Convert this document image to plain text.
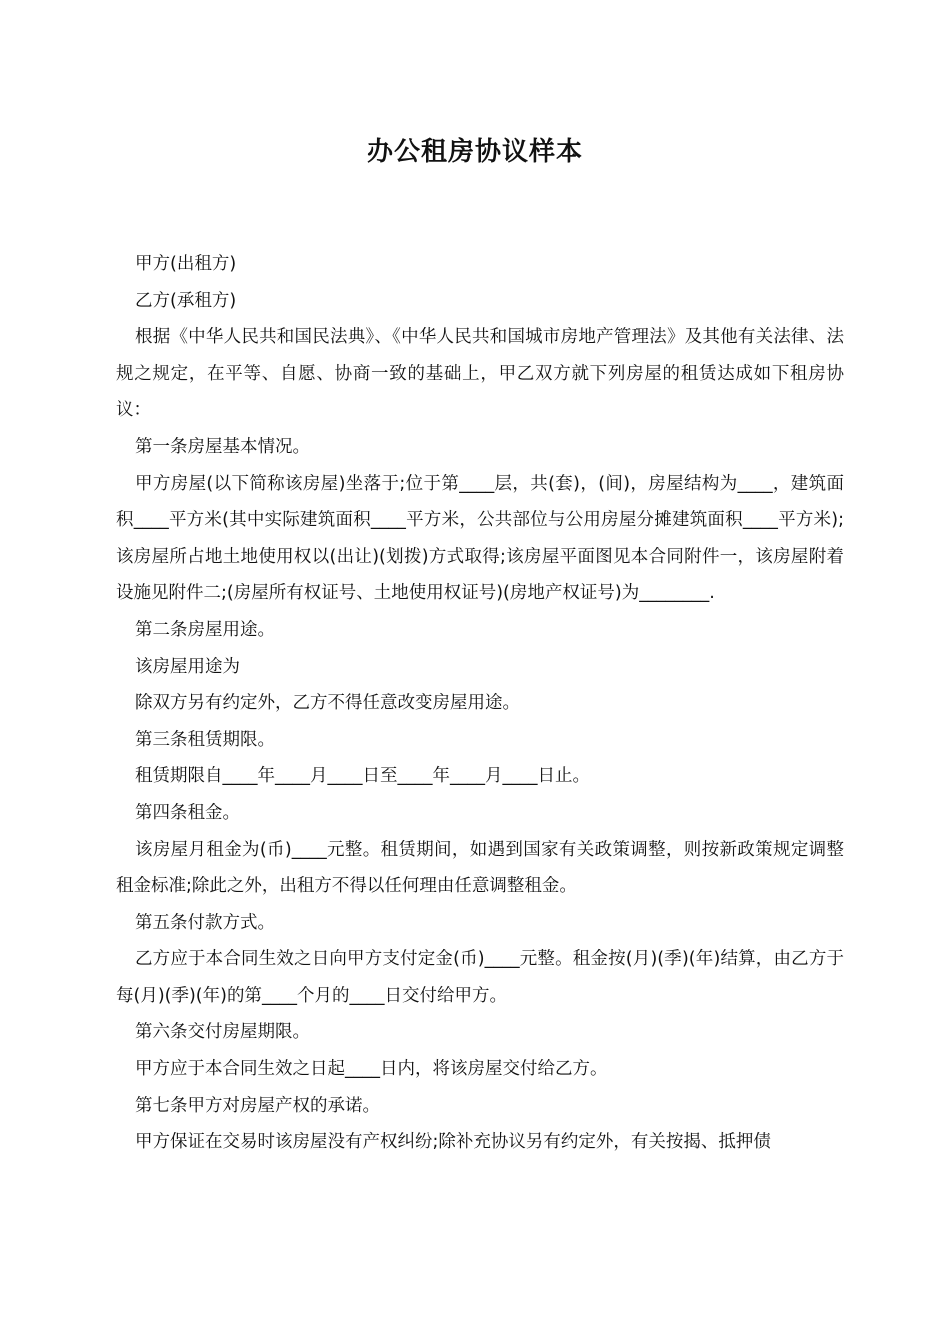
办公租房协议样本

甲方(出租方)

乙方(承租方)

根据《中华人民共和国民法典》、《中华人民共和国城市房地产管理法》及其他有关法律、法规之规定，在平等、自愿、协商一致的基础上，甲乙双方就下列房屋的租赁达成如下租房协议：

第一条房屋基本情况。

甲方房屋(以下简称该房屋)坐落于;位于第____层，共(套)，(间)，房屋结构为____，建筑面积____平方米(其中实际建筑面积____平方米，公共部位与公用房屋分摊建筑面积____平方米);该房屋所占地土地使用权以(出让)(划拨)方式取得;该房屋平面图见本合同附件一，该房屋附着设施见附件二;(房屋所有权证号、土地使用权证号)(房地产权证号)为________.

第二条房屋用途。

该房屋用途为

除双方另有约定外，乙方不得任意改变房屋用途。

第三条租赁期限。

租赁期限自____年____月____日至____年____月____日止。

第四条租金。

该房屋月租金为(币)____元整。租赁期间，如遇到国家有关政策调整，则按新政策规定调整租金标准;除此之外，出租方不得以任何理由任意调整租金。

第五条付款方式。

乙方应于本合同生效之日向甲方支付定金(币)____元整。租金按(月)(季)(年)结算，由乙方于每(月)(季)(年)的第____个月的____日交付给甲方。

第六条交付房屋期限。

甲方应于本合同生效之日起____日内，将该房屋交付给乙方。

第七条甲方对房屋产权的承诺。

甲方保证在交易时该房屋没有产权纠纷;除补充协议另有约定外，有关按揭、抵押债
